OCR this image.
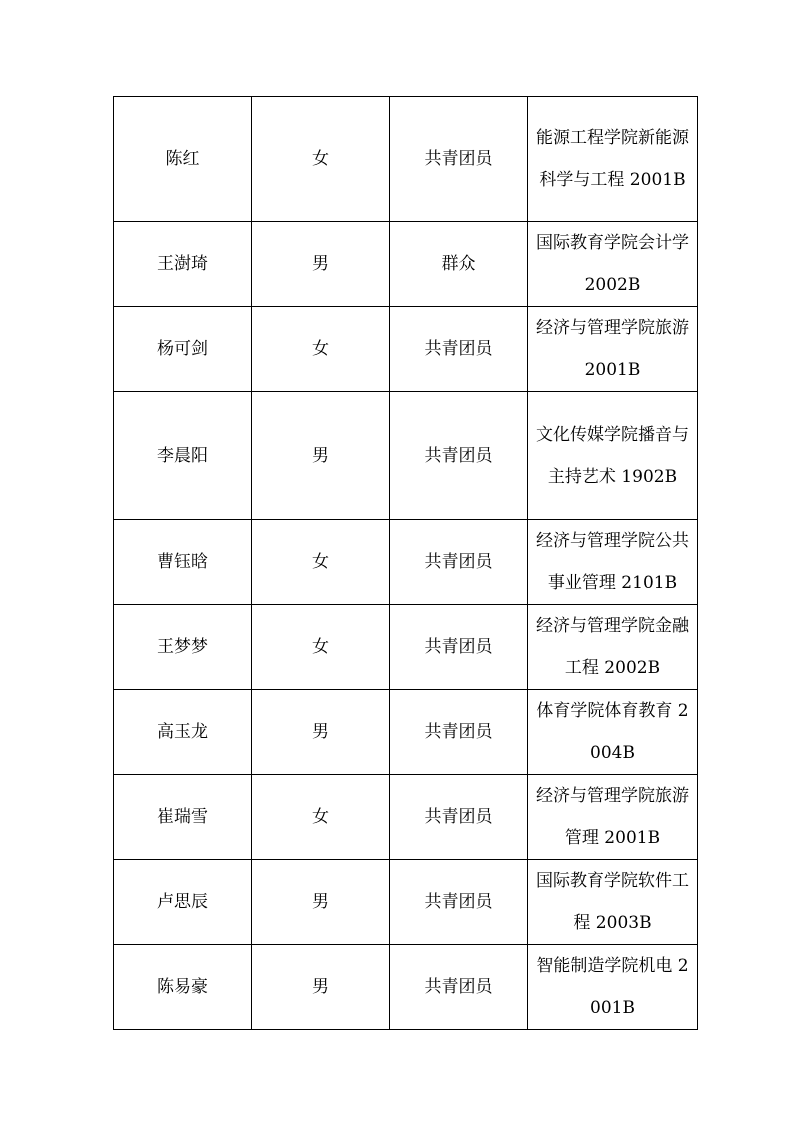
陈红	女	共青团员	能源工程学院新能源科学与工程 2001B
王澍琦	男	群众	国际教育学院会计学 2002B
杨可剑	女	共青团员	经济与管理学院旅游 2001B
李晨阳	男	共青团员	文化传媒学院播音与主持艺术 1902B
曹钰晗	女	共青团员	经济与管理学院公共事业管理 2101B
王梦梦	女	共青团员	经济与管理学院金融工程 2002B
高玉龙	男	共青团员	体育学院体育教育 2004B
崔瑞雪	女	共青团员	经济与管理学院旅游管理 2001B
卢思辰	男	共青团员	国际教育学院软件工程 2003B
陈易豪	男	共青团员	智能制造学院机电 2001B
